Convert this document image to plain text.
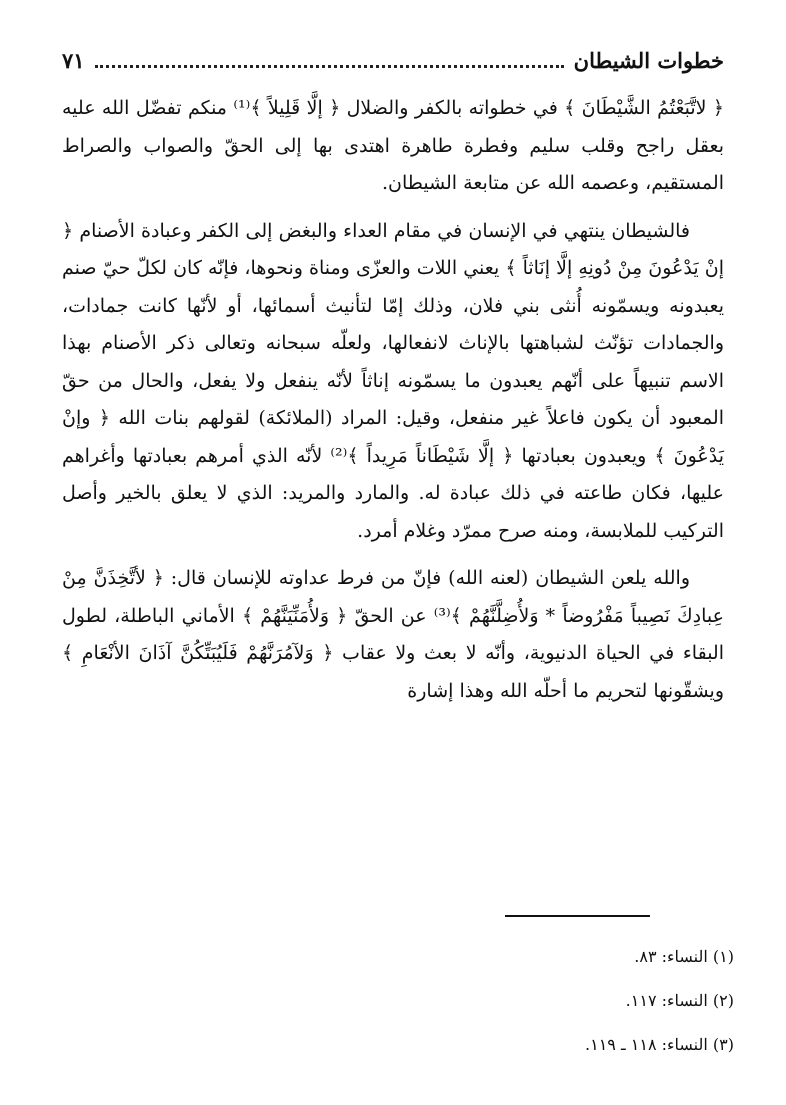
خطوات الشيطان
٧١

﴿ لاتَّبَعْتُمُ الشَّيْطَانَ ﴾ في خطواته بالكفر والضلال ﴿ إلَّا قَلِيلاً ﴾⁽¹⁾ منكم تفضّل الله عليه بعقل راجح وقلب سليم وفطرة طاهرة اهتدى بها إلى الحقّ والصواب والصراط المستقيم، وعصمه الله عن متابعة الشيطان.

فالشيطان ينتهي في الإنسان في مقام العداء والبغض إلى الكفر وعبادة الأصنام ﴿ إنْ يَدْعُونَ مِنْ دُونِهِ إلَّا إنَاثاً ﴾ يعني اللات والعزّى ومناة ونحوها، فإنّه كان لكلّ حيّ صنم يعبدونه ويسمّونه أُنثى بني فلان، وذلك إمّا لتأنيث أسمائها، أو لأنّها كانت جمادات، والجمادات تؤنّث لشباهتها بالإناث لانفعالها، ولعلّه سبحانه وتعالى ذكر الأصنام بهذا الاسم تنبيهاً على أنّهم يعبدون ما يسمّونه إناثاً لأنّه ينفعل ولا يفعل، والحال من حقّ المعبود أن يكون فاعلاً غير منفعل، وقيل: المراد (الملائكة) لقولهم بنات الله ﴿ وإنْ يَدْعُونَ ﴾ ويعبدون بعبادتها ﴿ إلَّا شَيْطَاناً مَرِيداً ﴾⁽²⁾ لأنّه الذي أمرهم بعبادتها وأغراهم عليها، فكان طاعته في ذلك عبادة له. والمارد والمريد: الذي لا يعلق بالخير وأصل التركيب للملابسة، ومنه صرح ممرّد وغلام أمرد.

والله يلعن الشيطان (لعنه الله) فإنّ من فرط عداوته للإنسان قال: ﴿ لأتَّخِذَنَّ مِنْ عِبادِكَ نَصِيباً مَفْرُوضاً * وَلأُضِلَّنَّهُمْ ﴾⁽³⁾ عن الحقّ ﴿ وَلأُمَنِّيَنَّهُمْ ﴾ الأماني الباطلة، لطول البقاء في الحياة الدنيوية، وأنّه لا بعث ولا عقاب ﴿ وَلآمُرَنَّهُمْ فَلَيُبَتِّكُنَّ آذَانَ الأنْعَامِ ﴾ ويشقّونها لتحريم ما أحلّه الله وهذا إشارة

(١) النساء: ٨٣.
(٢) النساء: ١١٧.
(٣) النساء: ١١٨ ـ ١١٩.
